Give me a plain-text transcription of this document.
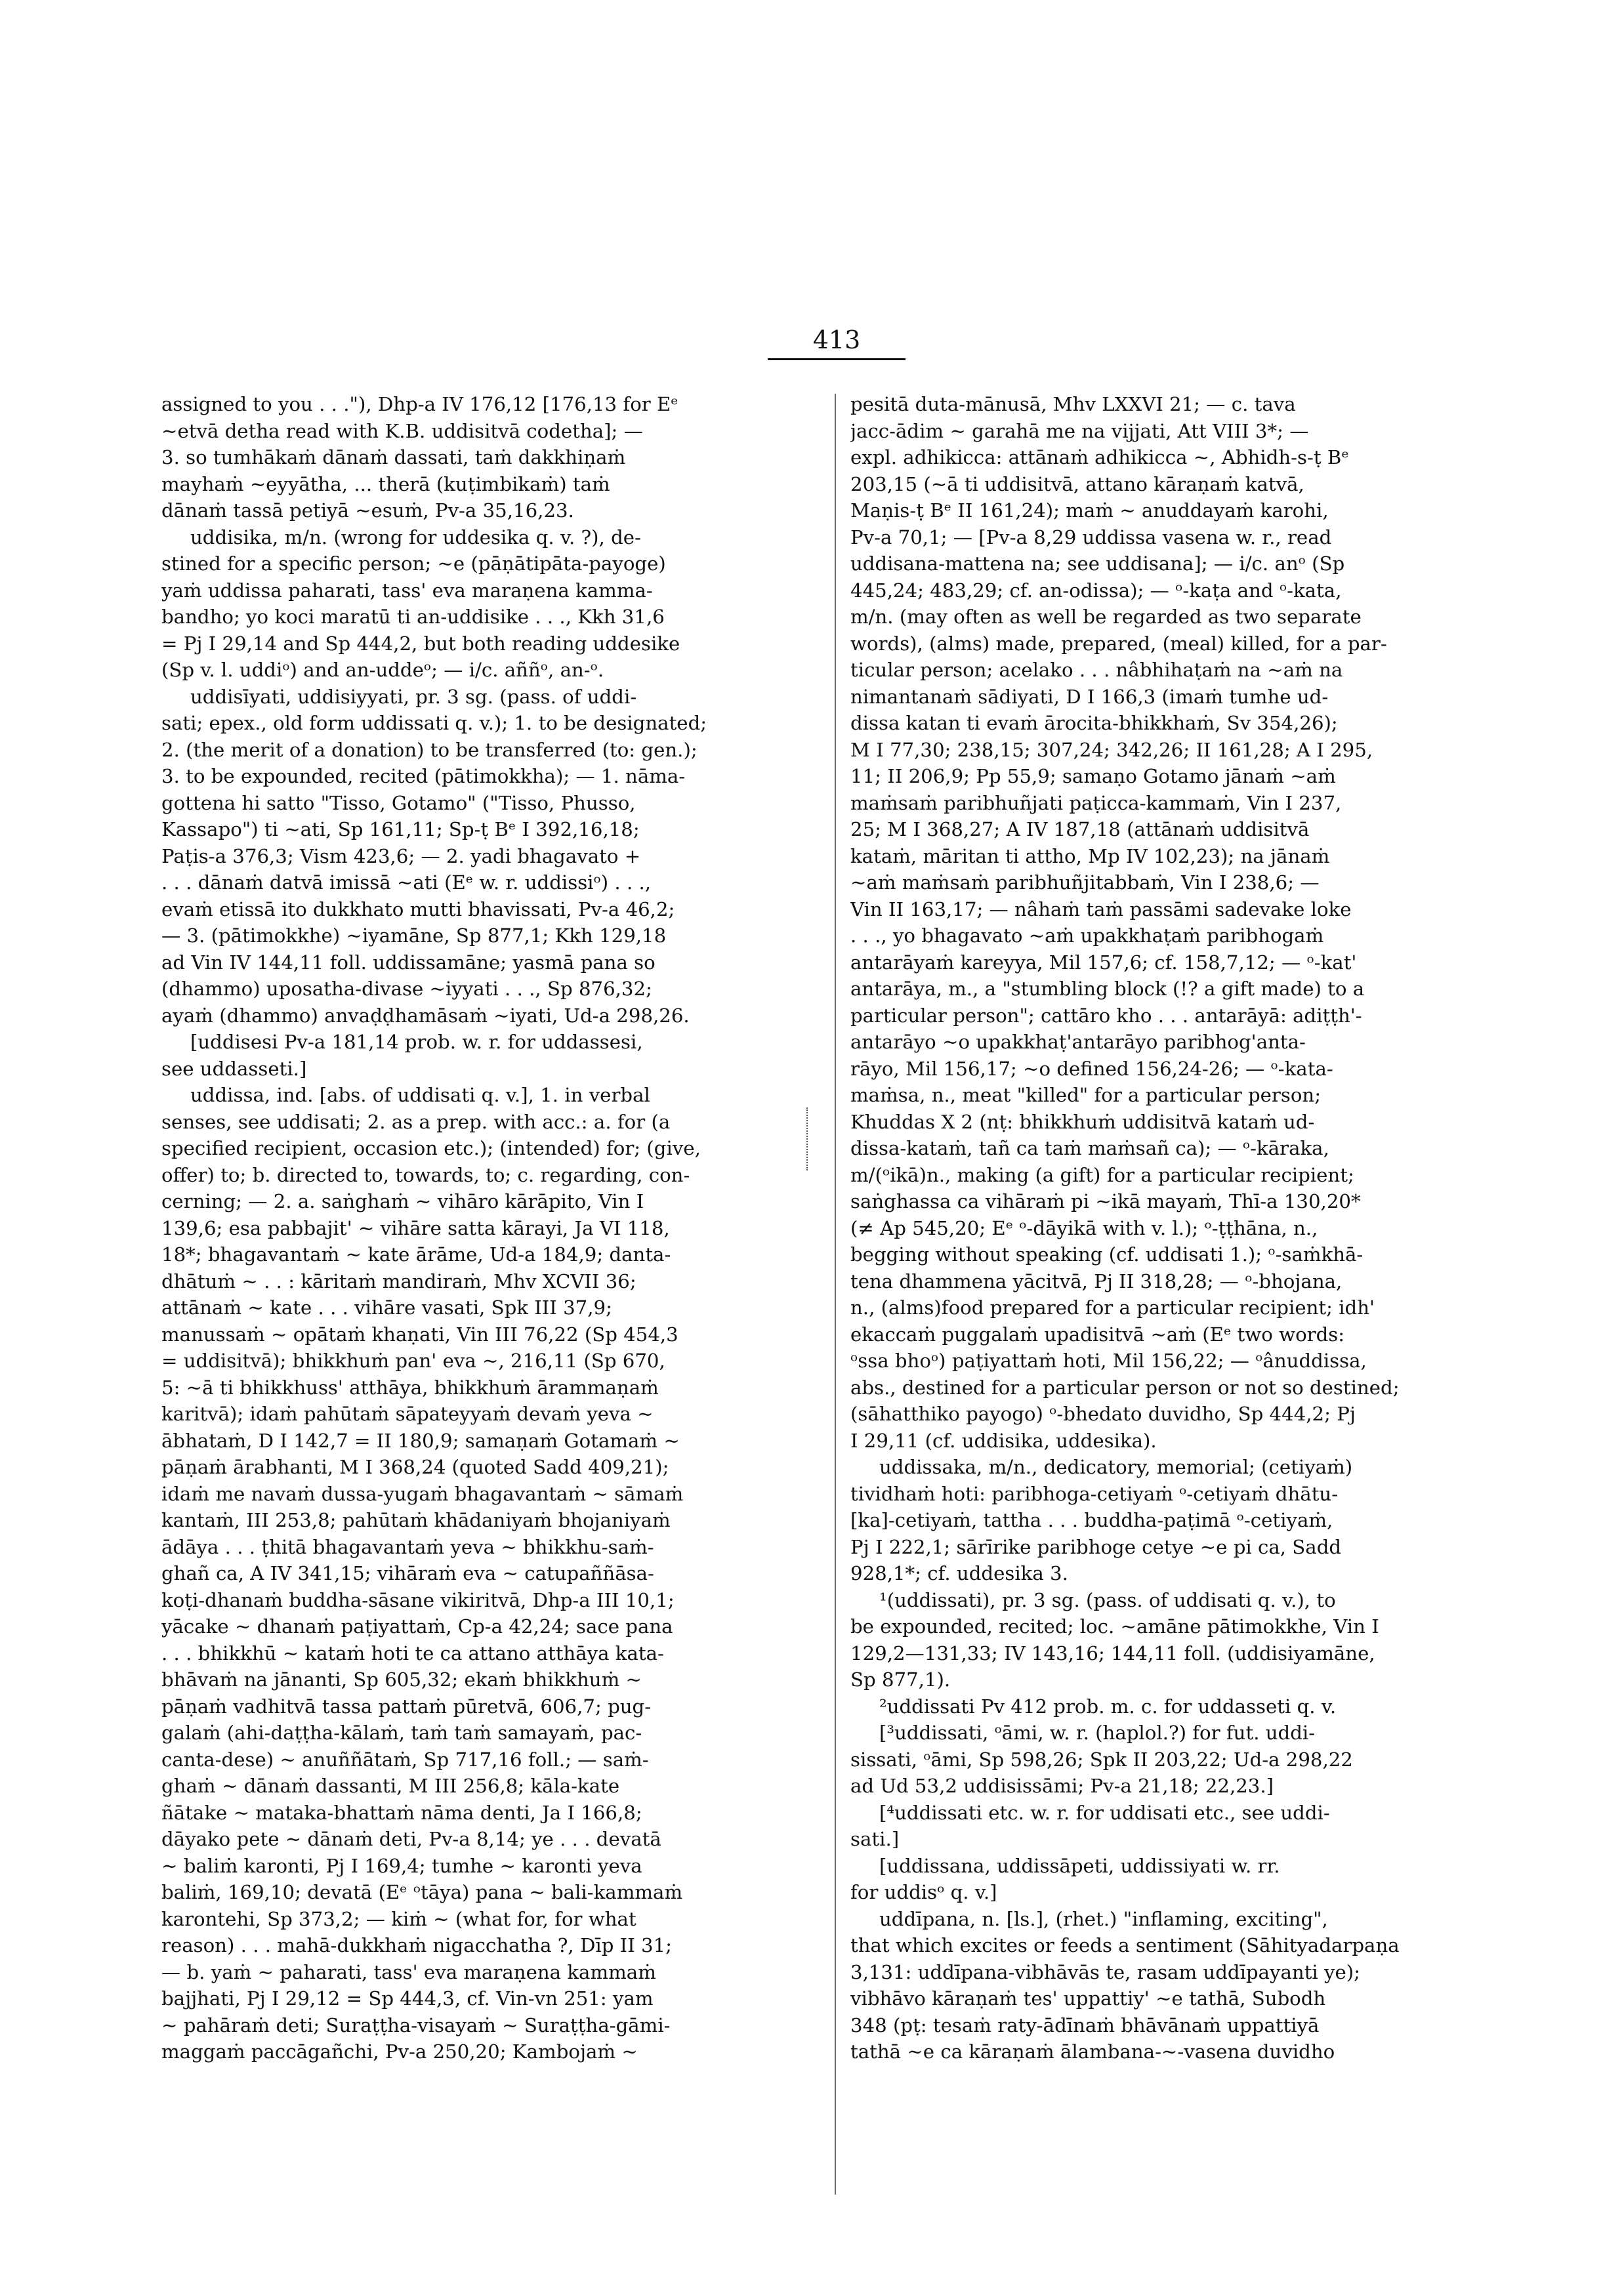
413
assigned to you . . ."), Dhp-a IV 176,12 [176,13 for Eᵉ
~etvā detha read with K.B. uddisitvā codetha]; —
3. so tumhākaṁ dānaṁ dassati, taṁ dakkhiṇaṁ
mayhaṁ ~eyyātha, ... therā (kuṭimbikaṁ) taṁ
dānaṁ tassā petiyā ~esuṁ, Pv-a 35,16,23.
uddisika, m/n. (wrong for uddesika q. v. ?), de-
stined for a specific person; ~e (pāṇātipāta-payoge)
yaṁ uddissa paharati, tass' eva maraṇena kamma-
bandho; yo koci maratū ti an-uddisike . . ., Kkh 31,6
= Pj I 29,14 and Sp 444,2, but both reading uddesike
(Sp v. l. uddiᵒ) and an-uddeᵒ; — i/c. aññᵒ, an-ᵒ.
uddisīyati, uddisiyyati, pr. 3 sg. (pass. of uddi-
sati; epex., old form uddissati q. v.); 1. to be designated;
2. (the merit of a donation) to be transferred (to: gen.);
3. to be expounded, recited (pātimokkha); — 1. nāma-
gottena hi satto "Tisso, Gotamo" ("Tisso, Phusso,
Kassapo") ti ~ati, Sp 161,11; Sp-ṭ Bᵉ I 392,16,18;
Paṭis-a 376,3; Vism 423,6; — 2. yadi bhagavato +
. . . dānaṁ datvā imissā ~ati (Eᵉ w. r. uddissiᵒ) . . .,
evaṁ etissā ito dukkhato mutti bhavissati, Pv-a 46,2;
— 3. (pātimokkhe) ~iyamāne, Sp 877,1; Kkh 129,18
ad Vin IV 144,11 foll. uddissamāne; yasmā pana so
(dhammo) uposatha-divase ~iyyati . . ., Sp 876,32;
ayaṁ (dhammo) anvaḍḍhamāsaṁ ~iyati, Ud-a 298,26.
[uddisesi Pv-a 181,14 prob. w. r. for uddassesi,
see uddasseti.]
uddissa, ind. [abs. of uddisati q. v.], 1. in verbal
senses, see uddisati; 2. as a prep. with acc.: a. for (a
specified recipient, occasion etc.); (intended) for; (give,
offer) to; b. directed to, towards, to; c. regarding, con-
cerning; — 2. a. saṅghaṁ ~ vihāro kārāpito, Vin I
139,6; esa pabbajit' ~ vihāre satta kārayi, Ja VI 118,
18*; bhagavantaṁ ~ kate ārāme, Ud-a 184,9; danta-
dhātuṁ ~ . . : kāritaṁ mandiraṁ, Mhv XCVII 36;
attānaṁ ~ kate . . . vihāre vasati, Spk III 37,9;
manussaṁ ~ opātaṁ khaṇati, Vin III 76,22 (Sp 454,3
= uddisitvā); bhikkhuṁ pan' eva ~, 216,11 (Sp 670,
5: ~ā ti bhikkhuss' atthāya, bhikkhuṁ ārammaṇaṁ
karitvā); idaṁ pahūtaṁ sāpateyyaṁ devaṁ yeva ~
ābhataṁ, D I 142,7 = II 180,9; samaṇaṁ Gotamaṁ ~
pāṇaṁ ārabhanti, M I 368,24 (quoted Sadd 409,21);
idaṁ me navaṁ dussa-yugaṁ bhagavantaṁ ~ sāmaṁ
kantaṁ, III 253,8; pahūtaṁ khādaniyaṁ bhojaniyaṁ
ādāya . . . ṭhitā bhagavantaṁ yeva ~ bhikkhu-saṁ-
ghañ ca, A IV 341,15; vihāraṁ eva ~ catupaññāsa-
koṭi-dhanaṁ buddha-sāsane vikiritvā, Dhp-a III 10,1;
yācake ~ dhanaṁ paṭiyattaṁ, Cp-a 42,24; sace pana
. . . bhikkhū ~ kataṁ hoti te ca attano atthāya kata-
bhāvaṁ na jānanti, Sp 605,32; ekaṁ bhikkhuṁ ~
pāṇaṁ vadhitvā tassa pattaṁ pūretvā, 606,7; pug-
galaṁ (ahi-daṭṭha-kālaṁ, taṁ taṁ samayaṁ, pac-
canta-dese) ~ anuññātaṁ, Sp 717,16 foll.; — saṁ-
ghaṁ ~ dānaṁ dassanti, M III 256,8; kāla-kate
ñātake ~ mataka-bhattaṁ nāma denti, Ja I 166,8;
dāyako pete ~ dānaṁ deti, Pv-a 8,14; ye . . . devatā
~ baliṁ karonti, Pj I 169,4; tumhe ~ karonti yeva
baliṁ, 169,10; devatā (Eᵉ ᵒtāya) pana ~ bali-kammaṁ
karontehi, Sp 373,2; — kiṁ ~ (what for, for what
reason) . . . mahā-dukkhaṁ nigacchatha ?, Dīp II 31;
— b. yaṁ ~ paharati, tass' eva maraṇena kammaṁ
bajjhati, Pj I 29,12 = Sp 444,3, cf. Vin-vn 251: yam
~ pahāraṁ deti; Suraṭṭha-visayaṁ ~ Suraṭṭha-gāmi-
maggaṁ paccāgañchi, Pv-a 250,20; Kambojaṁ ~
pesitā duta-mānusā, Mhv LXXVI 21; — c. tava
jacc-ādim ~ garahā me na vijjati, Att VIII 3*; —
expl. adhikicca: attānaṁ adhikicca ~, Abhidh-s-ṭ Bᵉ
203,15 (~ā ti uddisitvā, attano kāraṇaṁ katvā,
Maṇis-ṭ Bᵉ II 161,24); maṁ ~ anuddayaṁ karohi,
Pv-a 70,1; — [Pv-a 8,29 uddissa vasena w. r., read
uddisana-mattena na; see uddisana]; — i/c. anᵒ (Sp
445,24; 483,29; cf. an-odissa); — ᵒ-kaṭa and ᵒ-kata,
m/n. (may often as well be regarded as two separate
words), (alms) made, prepared, (meal) killed, for a par-
ticular person; acelako . . . nâbhihaṭaṁ na ~aṁ na
nimantanaṁ sādiyati, D I 166,3 (imaṁ tumhe ud-
dissa katan ti evaṁ ārocita-bhikkhaṁ, Sv 354,26);
M I 77,30; 238,15; 307,24; 342,26; II 161,28; A I 295,
11; II 206,9; Pp 55,9; samaṇo Gotamo jānaṁ ~aṁ
maṁsaṁ paribhuñjati paṭicca-kammaṁ, Vin I 237,
25; M I 368,27; A IV 187,18 (attānaṁ uddisitvā
kataṁ, māritan ti attho, Mp IV 102,23); na jānaṁ
~aṁ maṁsaṁ paribhuñjitabbaṁ, Vin I 238,6; —
Vin II 163,17; — nâhaṁ taṁ passāmi sadevake loke
. . ., yo bhagavato ~aṁ upakkhaṭaṁ paribhogaṁ
antarāyaṁ kareyya, Mil 157,6; cf. 158,7,12; — ᵒ-kat'
antarāya, m., a "stumbling block (!? a gift made) to a
particular person"; cattāro kho . . . antarāyā: adiṭṭh'-
antarāyo ~o upakkhaṭ'antarāyo paribhog'anta-
rāyo, Mil 156,17; ~o defined 156,24-26; — ᵒ-kata-
maṁsa, n., meat "killed" for a particular person;
Khuddas X 2 (nṭ: bhikkhuṁ uddisitvā kataṁ ud-
dissa-kataṁ, tañ ca taṁ maṁsañ ca); — ᵒ-kāraka,
m/(ᵒikā)n., making (a gift) for a particular recipient;
saṅghassa ca vihāraṁ pi ~ikā mayaṁ, Thī-a 130,20*
(≠ Ap 545,20; Eᵉ ᵒ-dāyikā with v. l.); ᵒ-ṭṭhāna, n.,
begging without speaking (cf. uddisati 1.); ᵒ-saṁkhā-
tena dhammena yācitvā, Pj II 318,28; — ᵒ-bhojana,
n., (alms)food prepared for a particular recipient; idh'
ekaccaṁ puggalaṁ upadisitvā ~aṁ (Eᵉ two words:
ᵒssa bhoᵒ) paṭiyattaṁ hoti, Mil 156,22; — ᵒânuddissa,
abs., destined for a particular person or not so destined;
(sāhatthiko payogo) ᵒ-bhedato duvidho, Sp 444,2; Pj
I 29,11 (cf. uddisika, uddesika).
uddissaka, m/n., dedicatory, memorial; (cetiyaṁ)
tividhaṁ hoti: paribhoga-cetiyaṁ ᵒ-cetiyaṁ dhātu-
[ka]-cetiyaṁ, tattha . . . buddha-paṭimā ᵒ-cetiyaṁ,
Pj I 222,1; sārīrike paribhoge cetye ~e pi ca, Sadd
928,1*; cf. uddesika 3.
¹(uddissati), pr. 3 sg. (pass. of uddisati q. v.), to
be expounded, recited; loc. ~amāne pātimokkhe, Vin I
129,2—131,33; IV 143,16; 144,11 foll. (uddisiyamāne,
Sp 877,1).
²uddissati Pv 412 prob. m. c. for uddasseti q. v.
[³uddissati, ᵒāmi, w. r. (haplol.?) for fut. uddi-
sissati, ᵒāmi, Sp 598,26; Spk II 203,22; Ud-a 298,22
ad Ud 53,2 uddisissāmi; Pv-a 21,18; 22,23.]
[⁴uddissati etc. w. r. for uddisati etc., see uddi-
sati.]
[uddissana, uddissāpeti, uddissiyati w. rr.
for uddisᵒ q. v.]
uddīpana, n. [ls.], (rhet.) "inflaming, exciting",
that which excites or feeds a sentiment (Sāhityadarpaṇa
3,131: uddīpana-vibhāvās te, rasam uddīpayanti ye);
vibhāvo kāraṇaṁ tes' uppattiy' ~e tathā, Subodh
348 (pṭ: tesaṁ raty-ādīnaṁ bhāvānaṁ uppattiyā
tathā ~e ca kāraṇaṁ ālambana-~-vasena duvidho
